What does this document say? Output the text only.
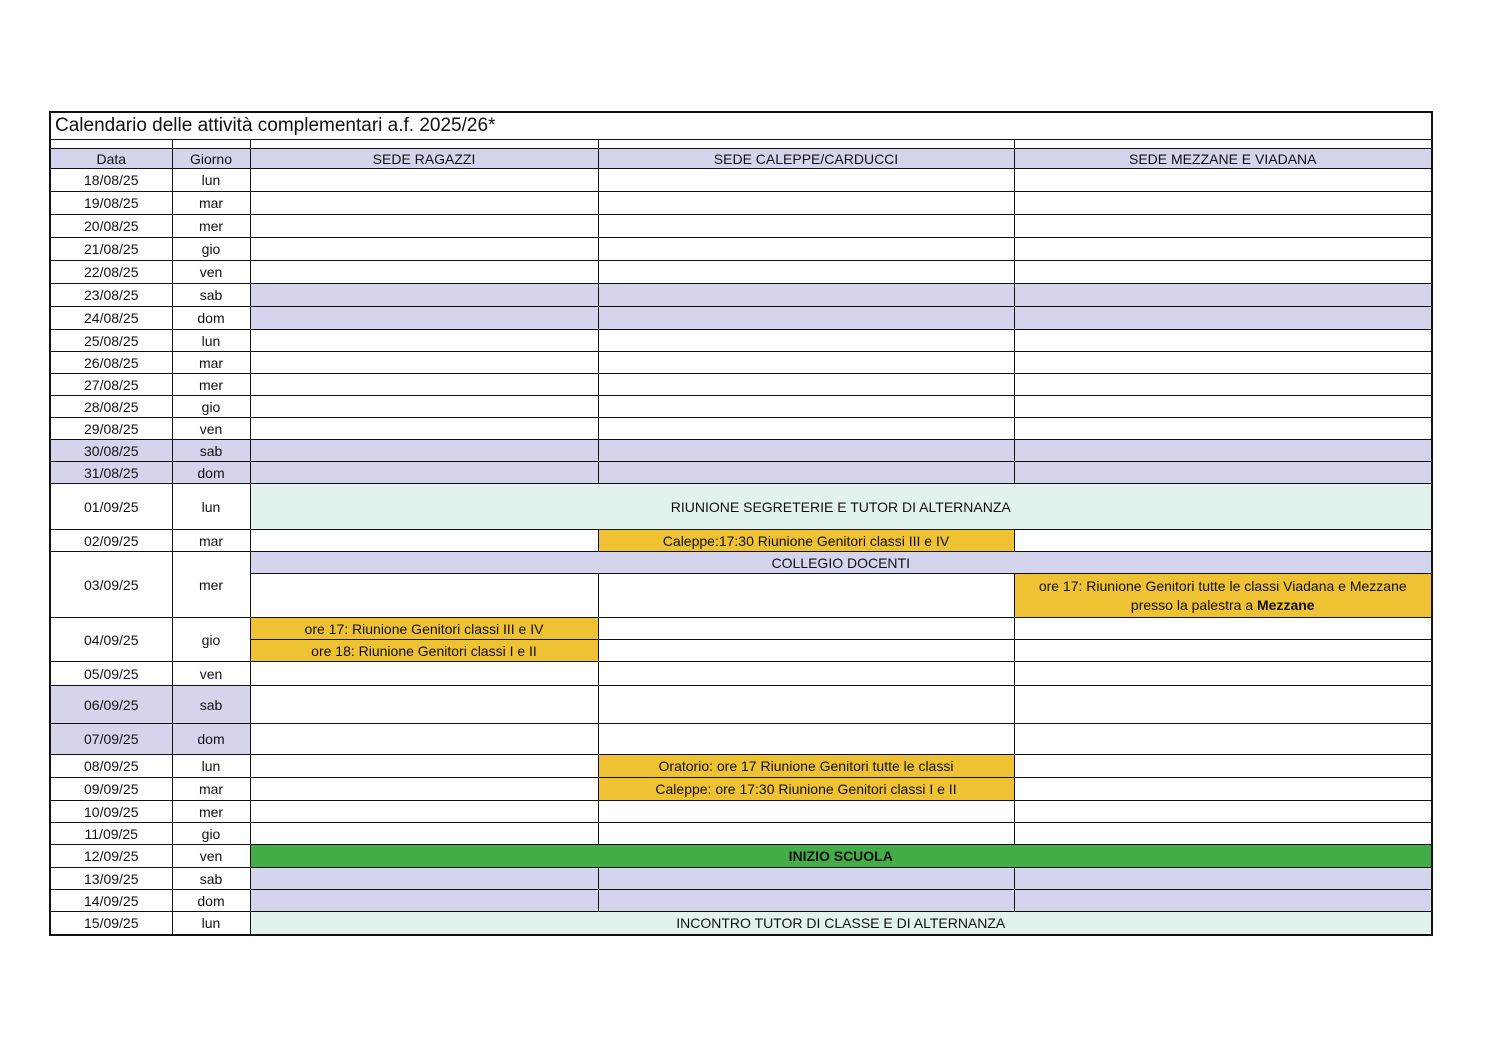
Calendario delle attività complementari a.f. 2025/26*

Data	Giorno	SEDE RAGAZZI	SEDE CALEPPE/CARDUCCI	SEDE MEZZANE E VIADANA
18/08/25	lun			
19/08/25	mar			
20/08/25	mer			
21/08/25	gio			
22/08/25	ven			
23/08/25	sab			
24/08/25	dom			
25/08/25	lun			
26/08/25	mar			
27/08/25	mer			
28/08/25	gio			
29/08/25	ven			
30/08/25	sab			
31/08/25	dom			
01/09/25	lun	RIUNIONE SEGRETERIE E TUTOR DI ALTERNANZA		
02/09/25	mar		Caleppe:17:30 Riunione Genitori classi III e IV	
03/09/25	mer	COLLEGIO DOCENTI		
				ore 17: Riunione Genitori tutte le classi Viadana e Mezzane
presso la palestra a Mezzane
04/09/25	gio	ore 17: Riunione Genitori classi III e IV		
		ore 18: Riunione Genitori classi I e II		
05/09/25	ven			
06/09/25	sab			
07/09/25	dom			
08/09/25	lun		Oratorio: ore 17 Riunione Genitori tutte le classi	
09/09/25	mar		Caleppe: ore 17:30 Riunione Genitori classi I e II	
10/09/25	mer			
11/09/25	gio			
12/09/25	ven	INIZIO SCUOLA		
13/09/25	sab			
14/09/25	dom			
15/09/25	lun	INCONTRO TUTOR DI CLASSE E DI ALTERNANZA		
